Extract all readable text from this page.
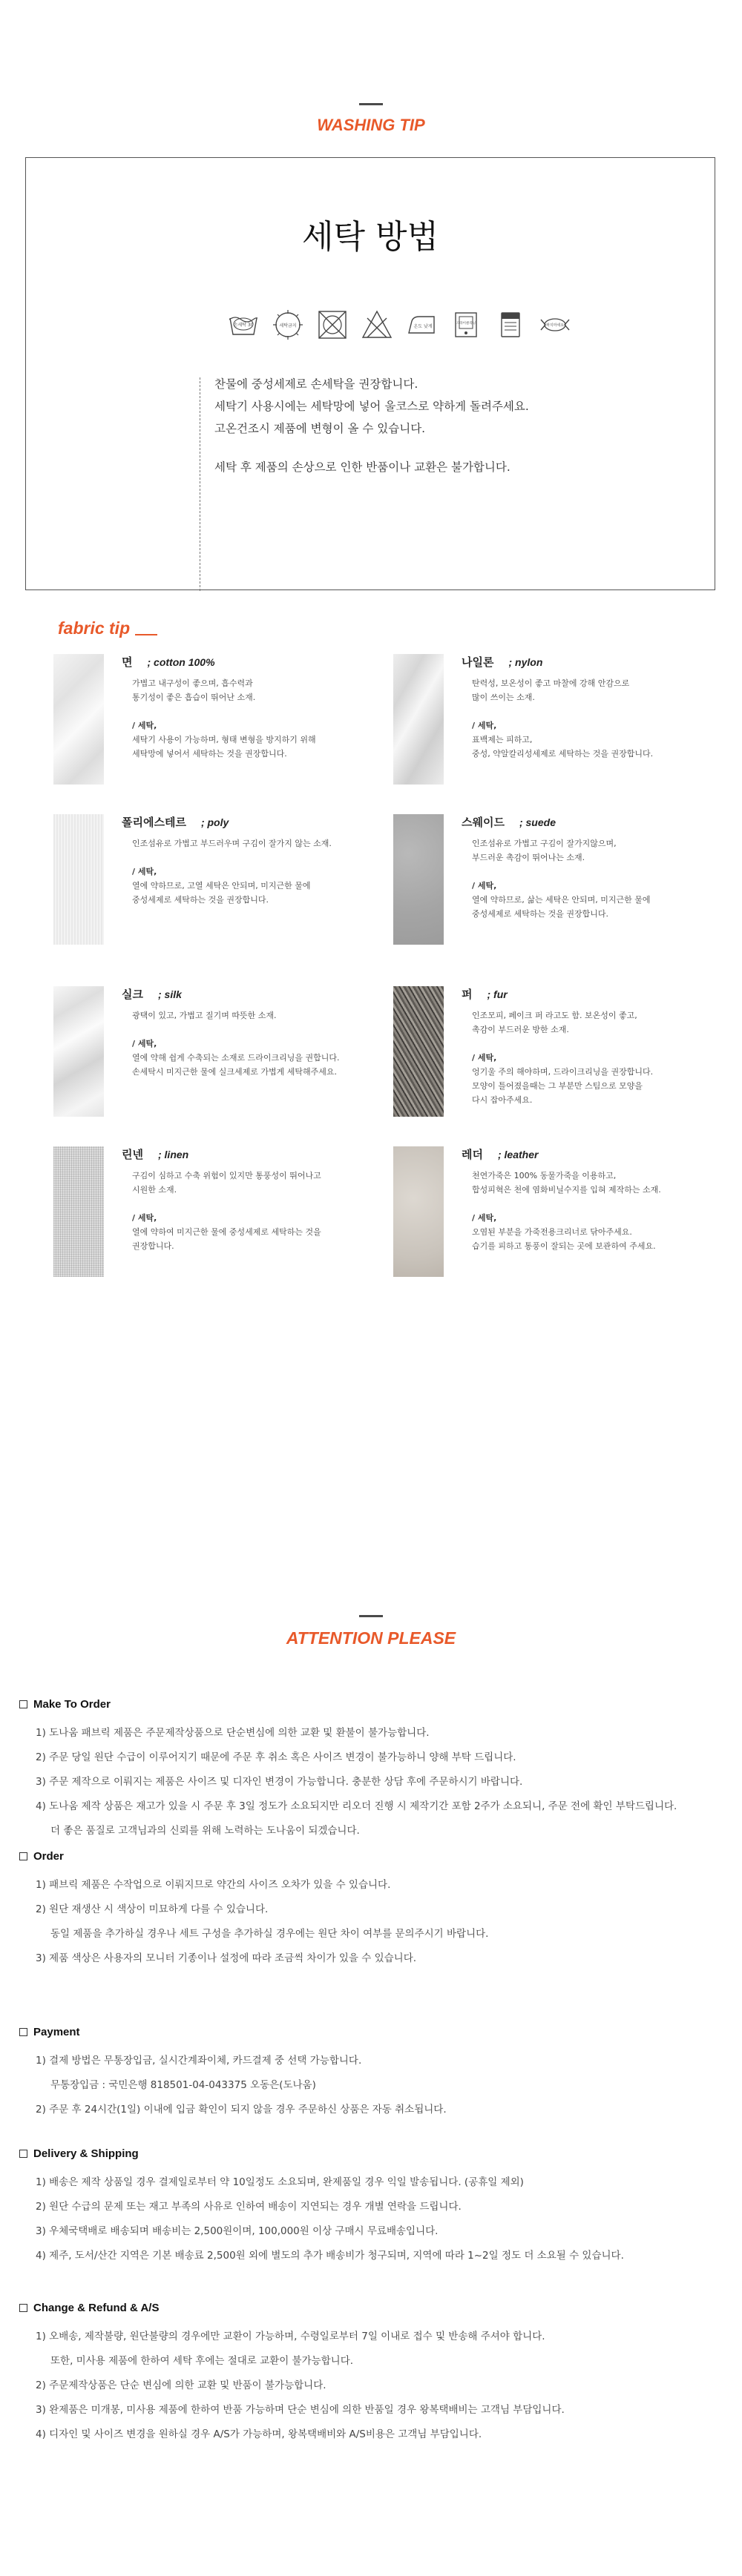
WASHING TIP
세탁 방법
손세탁 30	세탁금지	온도 낮게
드라이클리닝	짜지마세요

찬물에 중성세제로 손세탁을 권장합니다.

세탁기 사용시에는 세탁망에 넣어 울코스로 약하게 돌려주세요.

고온건조시 제품에 변형이 올 수 있습니다.

세탁 후 제품의 손상으로 인한 반품이나 교환은 불가합니다.

fabric tip
면 ; cotton 100%

가볍고 내구성이 좋으며, 흡수력과

통기성이 좋은 흡습이 뛰어난 소재.

/ 세탁,

세탁기 사용이 가능하며, 형태 변형을 방지하기 위해

세탁망에 넣어서 세탁하는 것을 권장합니다.

나일론 ; nylon

탄력성, 보온성이 좋고 마찰에 강해 안감으로

많이 쓰이는 소재.

/ 세탁,

표백제는 피하고,

중성, 약알칼리성세제로 세탁하는 것을 권장합니다.

폴리에스테르 ; poly

인조섬유로 가볍고 부드러우며 구김이 잘가지 않는 소재.

/ 세탁,

열에 약하므로, 고열 세탁은 안되며, 미지근한 물에

중성세제로 세탁하는 것을 권장합니다.

스웨이드 ; suede

인조섬유로 가볍고 구김이 잘가지않으며,

부드러운 촉감이 뛰어나는 소재.

/ 세탁,

열에 약하므로, 삶는 세탁은 안되며, 미지근한 물에

중성세제로 세탁하는 것을 권장합니다.

실크 ; silk

광택이 있고, 가볍고 질기며 따뜻한 소재.

/ 세탁,

열에 약해 쉽게 수축되는 소재로 드라이크리닝을 권합니다.

손세탁시 미지근한 물에 실크세제로 가볍게 세탁해주세요.

퍼 ; fur

인조모피, 페이크 퍼 라고도 함. 보온성이 좋고,

촉감이 부드러운 방한 소재.

/ 세탁,

엉기울 주의 해야하며, 드라이크리닝을 권장합니다.

모양이 틀어졌을때는 그 부분만 스팀으로 모양을

다시 잡아주세요.

린넨 ; linen

구김이 심하고 수축 위험이 있지만 통풍성이 뛰어나고

시원한 소재.

/ 세탁,

열에 약하여 미지근한 물에 중성세제로 세탁하는 것을

권장합니다.

레더 ; leather

천연가죽은 100% 동물가죽을 이용하고,

합성피혁은 천에 염화비닐수지를 입혀 제작하는 소재.

/ 세탁,

오염된 부분을 가죽전용크리너로 닦아주세요.

습기를 피하고 통풍이 잘되는 곳에 보관하여 주세요.

ATTENTION PLEASE
Make To Order

1) 도나움 패브릭 제품은 주문제작상품으로 단순변심에 의한 교환 및 환불이 불가능합니다.

2) 주문 당일 원단 수급이 이루어지기 때문에 주문 후 취소 혹은 사이즈 변경이 불가능하니 양해 부탁 드립니다.

3) 주문 제작으로 이뤄지는 제품은 사이즈 및 디자인 변경이 가능합니다. 충분한 상담 후에 주문하시기 바랍니다.

4) 도나움 제작 상품은 재고가 있을 시 주문 후 3일 정도가 소요되지만 리오더 진행 시 제작기간 포함 2주가 소요되니, 주문 전에 확인 부탁드립니다.

더 좋은 품질로 고객님과의 신뢰를 위해 노력하는 도나움이 되겠습니다.

Order

1) 패브릭 제품은 수작업으로 이뤄지므로 약간의 사이즈 오차가 있을 수 있습니다.

2) 원단 재생산 시 색상이 미묘하게 다를 수 있습니다.

동일 제품을 추가하실 경우나 세트 구성을 추가하실 경우에는 원단 차이 여부를 문의주시기 바랍니다.

3) 제품 색상은 사용자의 모니터 기종이나 설정에 따라 조금씩 차이가 있을 수 있습니다.

Payment

1) 결제 방법은 무통장입금, 실시간계좌이체, 카드결제 중 선택 가능합니다.

무통장입금 : 국민은행 818501-04-043375 오동은(도나움)

2) 주문 후 24시간(1일) 이내에 입금 확인이 되지 않을 경우 주문하신 상품은 자동 취소됩니다.

Delivery & Shipping

1) 배송은 제작 상품일 경우 결제일로부터 약 10일정도 소요되며, 완제품일 경우 익일 발송됩니다. (공휴일 제외)

2) 원단 수급의 문제 또는 재고 부족의 사유로 인하여 배송이 지연되는 경우 개별 연락을 드립니다.

3) 우체국택배로 배송되며 배송비는 2,500원이며, 100,000원 이상 구매시 무료배송입니다.

4) 제주, 도서/산간 지역은 기본 배송료 2,500원 외에 별도의 추가 배송비가 청구되며, 지역에 따라 1~2일 정도 더 소요될 수 있습니다.

Change & Refund & A/S

1) 오배송, 제작불량, 원단불량의 경우에만 교환이 가능하며, 수령일로부터 7일 이내로 접수 및 반송해 주셔야 합니다.

또한, 미사용 제품에 한하여 세탁 후에는 절대로 교환이 불가능합니다.

2) 주문제작상품은 단순 변심에 의한 교환 및 반품이 불가능합니다.

3) 완제품은 미개봉, 미사용 제품에 한하여 반품 가능하며 단순 변심에 의한 반품일 경우 왕복택배비는 고객님 부담입니다.

4) 디자인 및 사이즈 변경을 원하실 경우 A/S가 가능하며, 왕복택배비와 A/S비용은 고객님 부담입니다.
